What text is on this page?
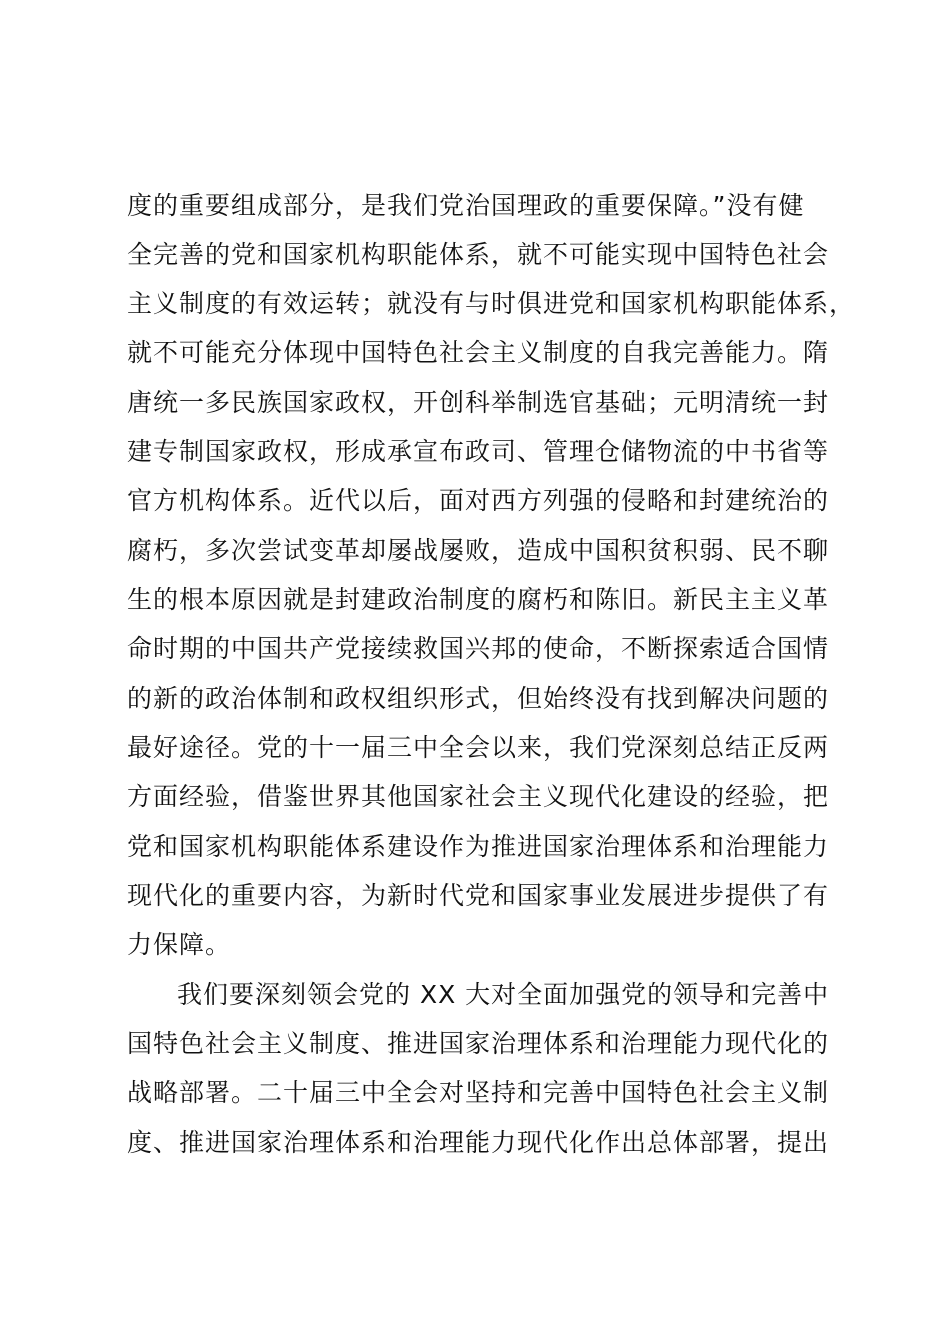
度的重要组成部分，是我们党治国理政的重要保障。”没有健
全完善的党和国家机构职能体系，就不可能实现中国特色社会
主义制度的有效运转；就没有与时俱进党和国家机构职能体系，
就不可能充分体现中国特色社会主义制度的自我完善能力。隋
唐统一多民族国家政权，开创科举制选官基础；元明清统一封
建专制国家政权，形成承宣布政司、管理仓储物流的中书省等
官方机构体系。近代以后，面对西方列强的侵略和封建统治的
腐朽，多次尝试变革却屡战屡败，造成中国积贫积弱、民不聊
生的根本原因就是封建政治制度的腐朽和陈旧。新民主主义革
命时期的中国共产党接续救国兴邦的使命，不断探索适合国情
的新的政治体制和政权组织形式，但始终没有找到解决问题的
最好途径。党的十一届三中全会以来，我们党深刻总结正反两
方面经验，借鉴世界其他国家社会主义现代化建设的经验，把
党和国家机构职能体系建设作为推进国家治理体系和治理能力
现代化的重要内容，为新时代党和国家事业发展进步提供了有
力保障。
我们要深刻领会党的 XX 大对全面加强党的领导和完善中
国特色社会主义制度、推进国家治理体系和治理能力现代化的
战略部署。二十届三中全会对坚持和完善中国特色社会主义制
度、推进国家治理体系和治理能力现代化作出总体部署，提出
